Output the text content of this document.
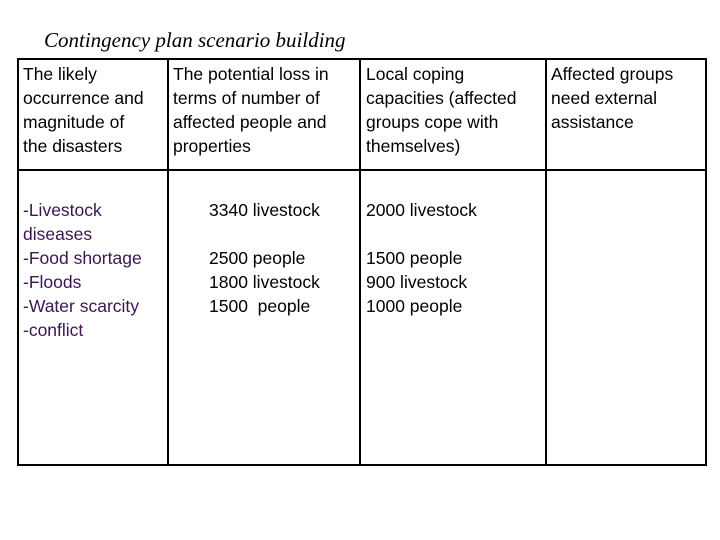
Contingency plan scenario building
The likely
occurrence and
magnitude of
the disasters
The potential loss in
terms of number of
affected people and
properties
Local coping
capacities (affected
groups cope with
themselves)
Affected groups
need external
assistance
-Livestock
diseases
-Food shortage
-Floods
-Water scarcity
-conflict
3340 livestock

2500 people
1800 livestock
1500  people
2000 livestock

1500 people
900 livestock
1000 people
